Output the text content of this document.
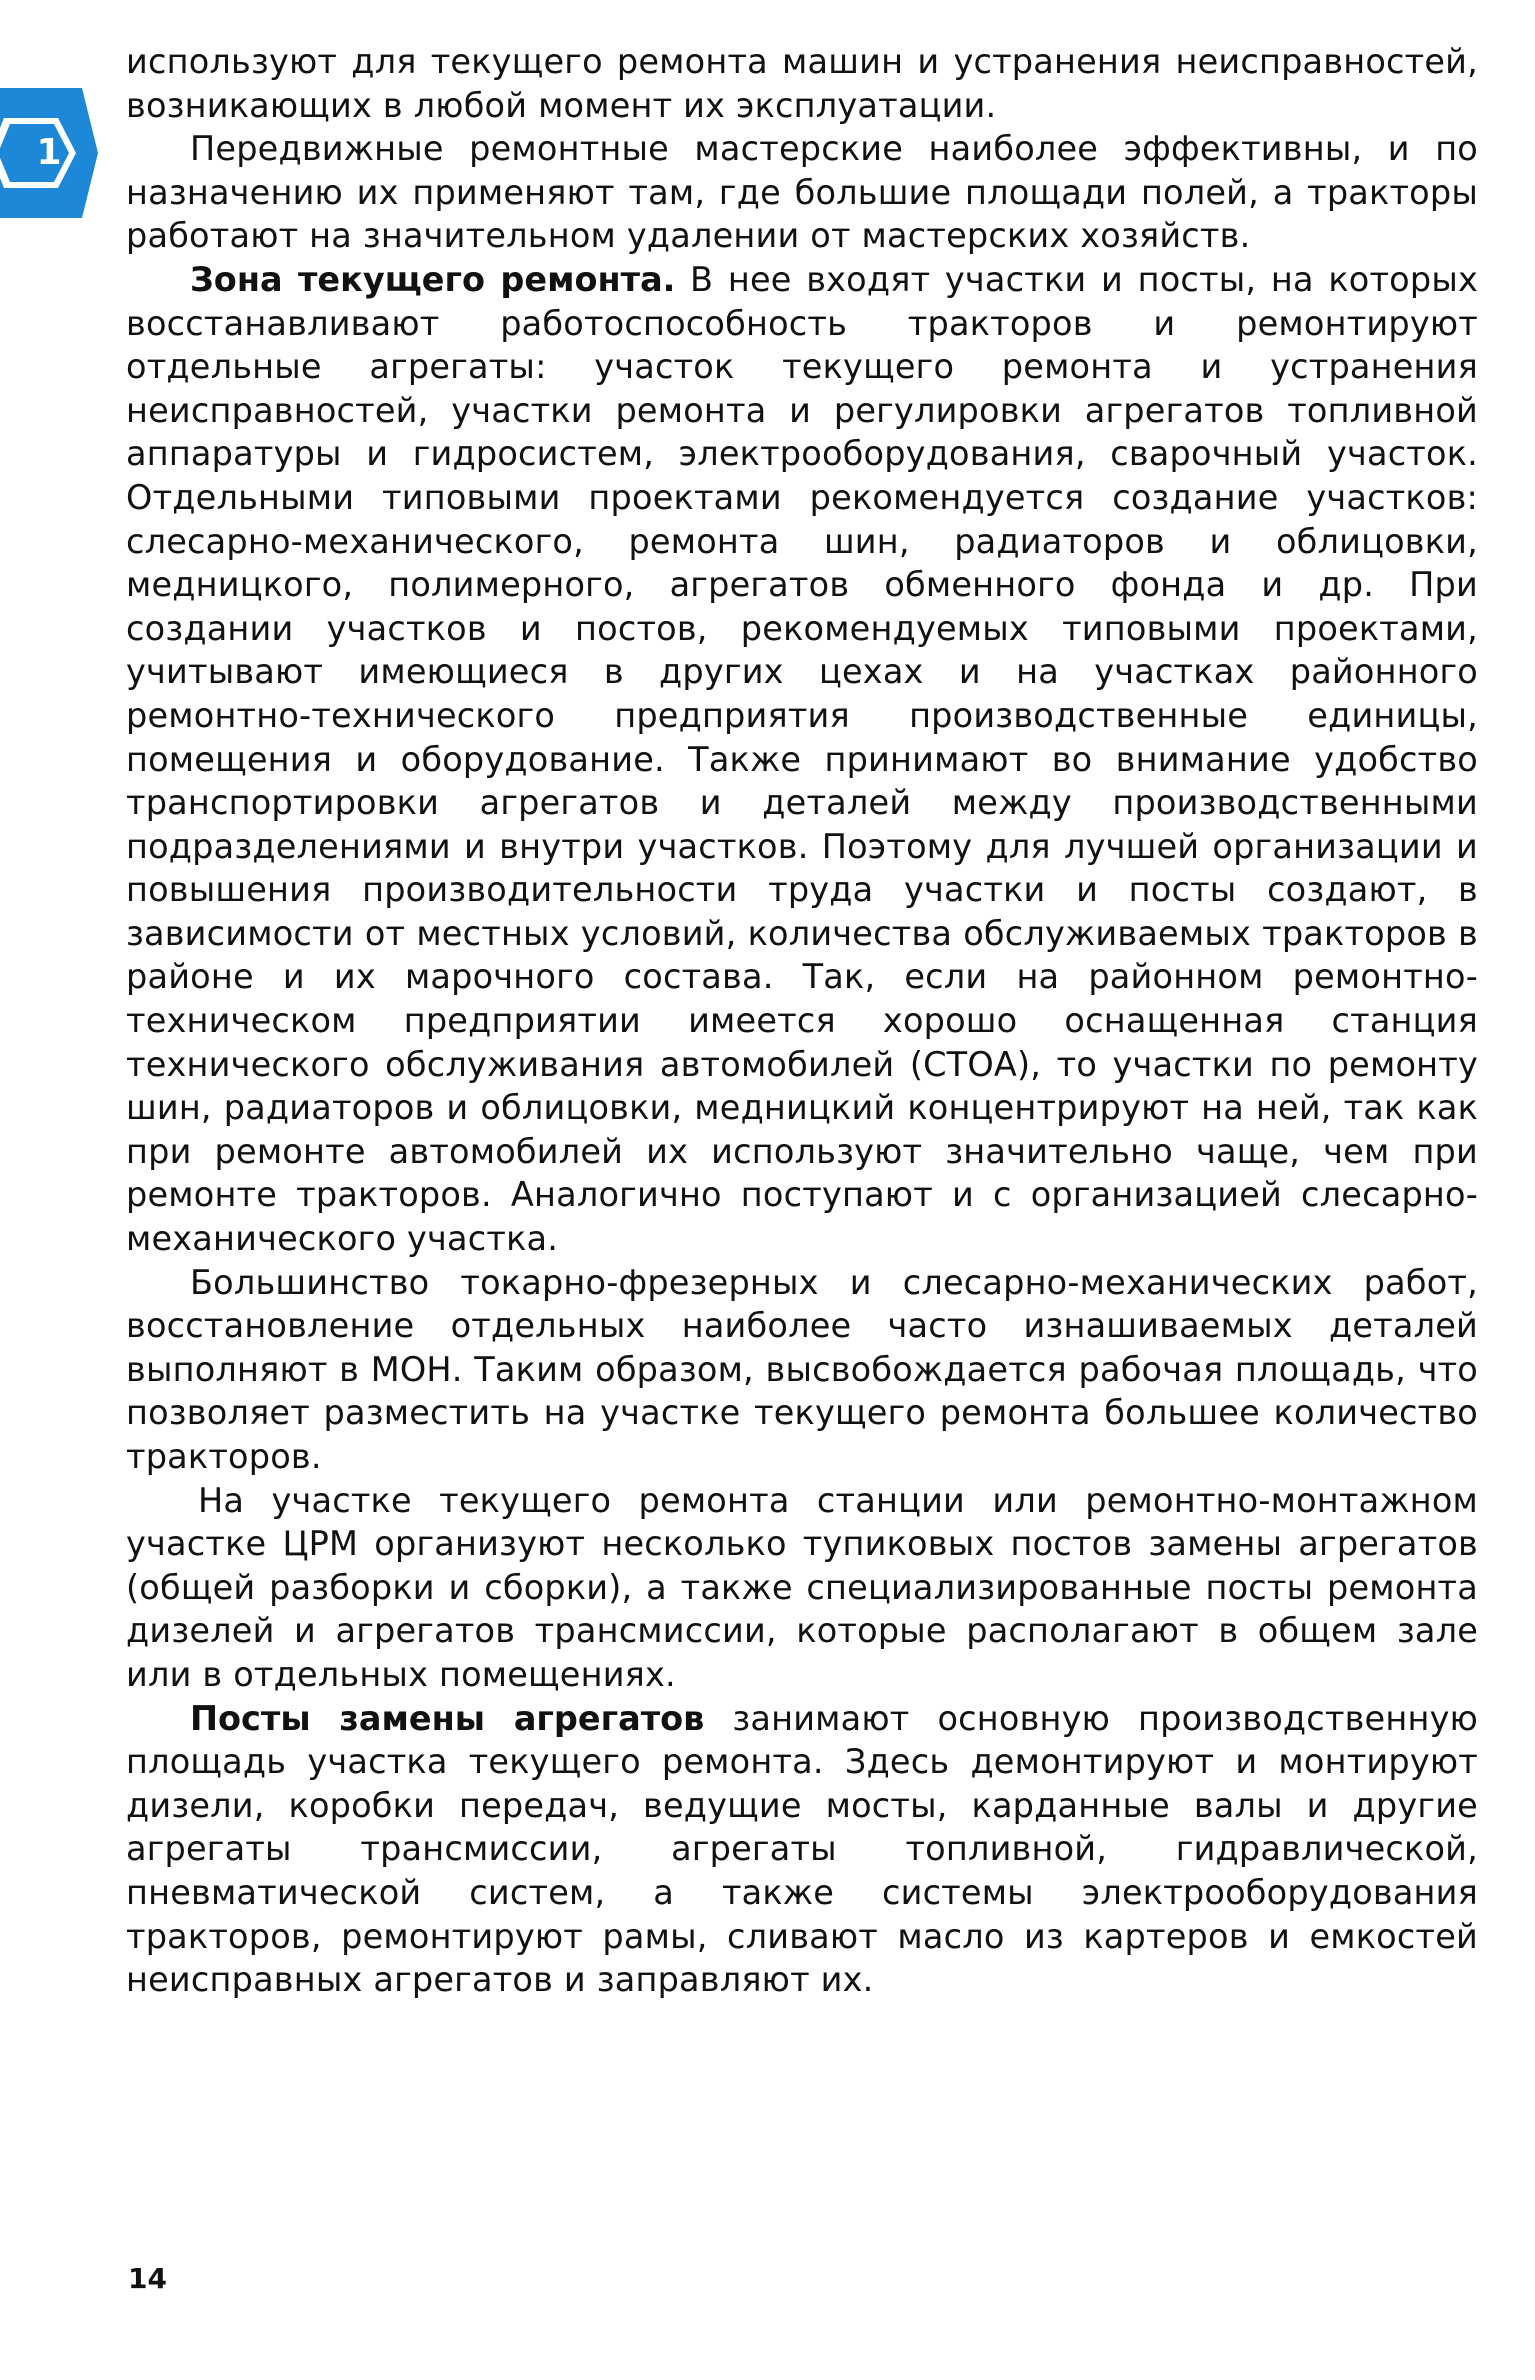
1

используют для текущего ремонта машин и устранения неисправностей, возникающих в любой момент их эксплуатации.

Передвижные ремонтные мастерские наиболее эффективны, и по назначению их применяют там, где большие площади полей, а тракторы работают на значительном удалении от мастерских хозяйств.

Зона текущего ремонта. В нее входят участки и посты, на которых восстанавливают работоспособность тракторов и ремонтируют отдельные агрегаты: участок текущего ремонта и устранения неисправностей, участки ремонта и регулировки агрегатов топливной аппаратуры и гидросистем, электрооборудования, сварочный участок. Отдельными типовыми проектами рекомендуется создание участков: слесарно-механического, ремонта шин, радиаторов и облицовки, медницкого, полимерного, агрегатов обменного фонда и др. При создании участков и постов, рекомендуемых типовыми проектами, учитывают имеющиеся в других цехах и на участках районного ремонтно-технического предприятия производственные единицы, помещения и оборудование. Также принимают во внимание удобство транспортировки агрегатов и деталей между производственными подразделениями и внутри участков. Поэтому для лучшей организации и повышения производительности труда участки и посты создают, в зависимости от местных условий, количества обслуживаемых тракторов в районе и их марочного состава. Так, если на районном ремонтно-техническом предприятии имеется хорошо оснащенная станция технического обслуживания автомобилей (СТОА), то участки по ремонту шин, радиаторов и облицовки, медницкий концентрируют на ней, так как при ремонте автомобилей их используют значительно чаще, чем при ремонте тракторов. Аналогично поступают и с организацией слесарно-механического участка.

Большинство токарно-фрезерных и слесарно-механических работ, восстановление отдельных наиболее часто изнашиваемых деталей выполняют в МОН. Таким образом, высвобождается рабочая площадь, что позволяет разместить на участке текущего ремонта большее количество тракторов.

На участке текущего ремонта станции или ремонтно-монтажном участке ЦРМ организуют несколько тупиковых постов замены агрегатов (общей разборки и сборки), а также специализированные посты ремонта дизелей и агрегатов трансмиссии, которые располагают в общем зале или в отдельных помещениях.

Посты замены агрегатов занимают основную производственную площадь участка текущего ремонта. Здесь демонтируют и монтируют дизели, коробки передач, ведущие мосты, карданные валы и другие агрегаты трансмиссии, агрегаты топливной, гидравлической, пневматической систем, а также системы электрооборудования тракторов, ремонтируют рамы, сливают масло из картеров и емкостей неисправных агрегатов и заправляют их.

14
